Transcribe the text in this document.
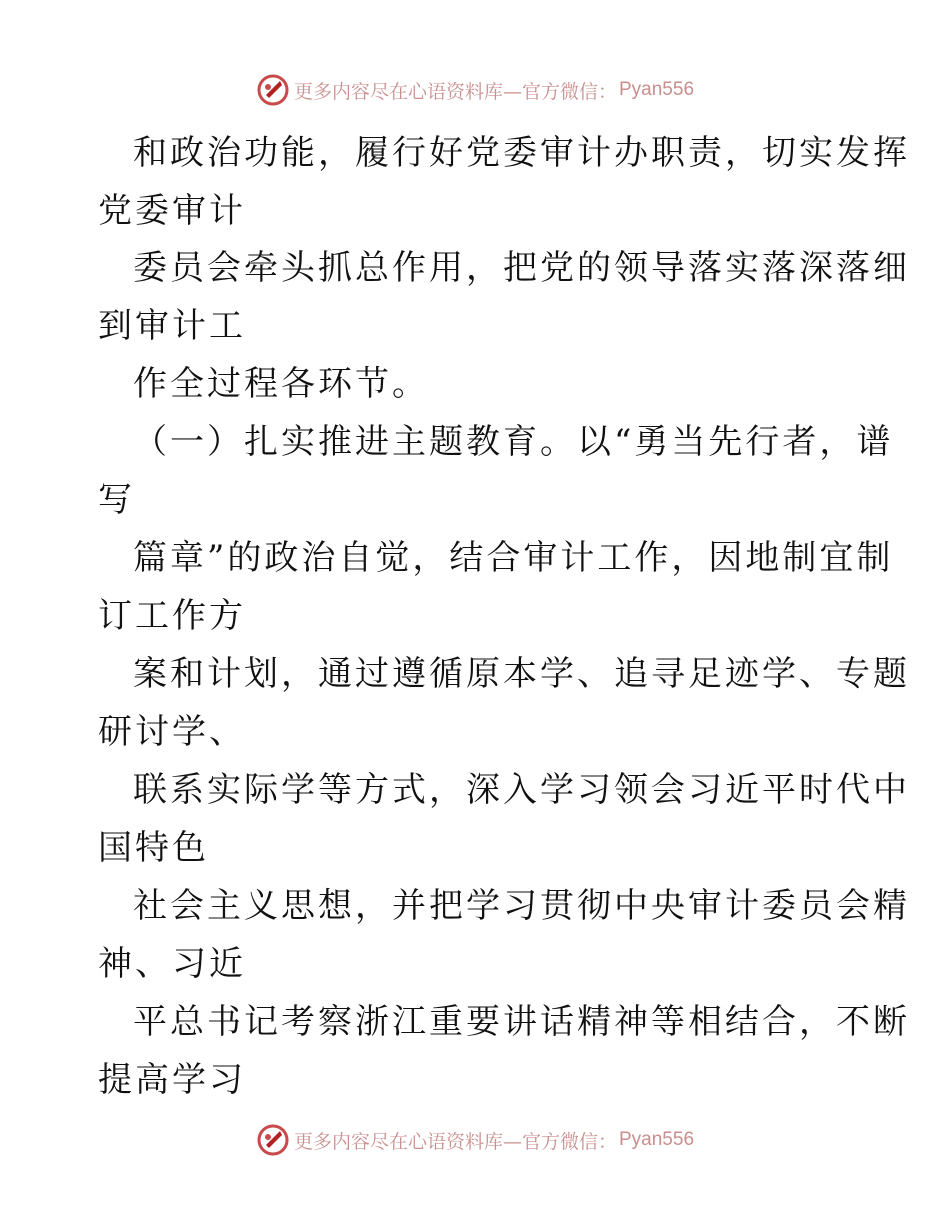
更多内容尽在心语资料库—官方微信： Pyan556
和政治功能，履行好党委审计办职责，切实发挥
党委审计
委员会牵头抓总作用，把党的领导落实落深落细
到审计工
作全过程各环节。
（一）扎实推进主题教育。以“勇当先行者，谱
写
篇章”的政治自觉，结合审计工作，因地制宜制
订工作方
案和计划，通过遵循原本学、追寻足迹学、专题
研讨学、
联系实际学等方式，深入学习领会习近平时代中
国特色
社会主义思想，并把学习贯彻中央审计委员会精
神、习近
平总书记考察浙江重要讲话精神等相结合，不断
提高学习
更多内容尽在心语资料库—官方微信： Pyan556
